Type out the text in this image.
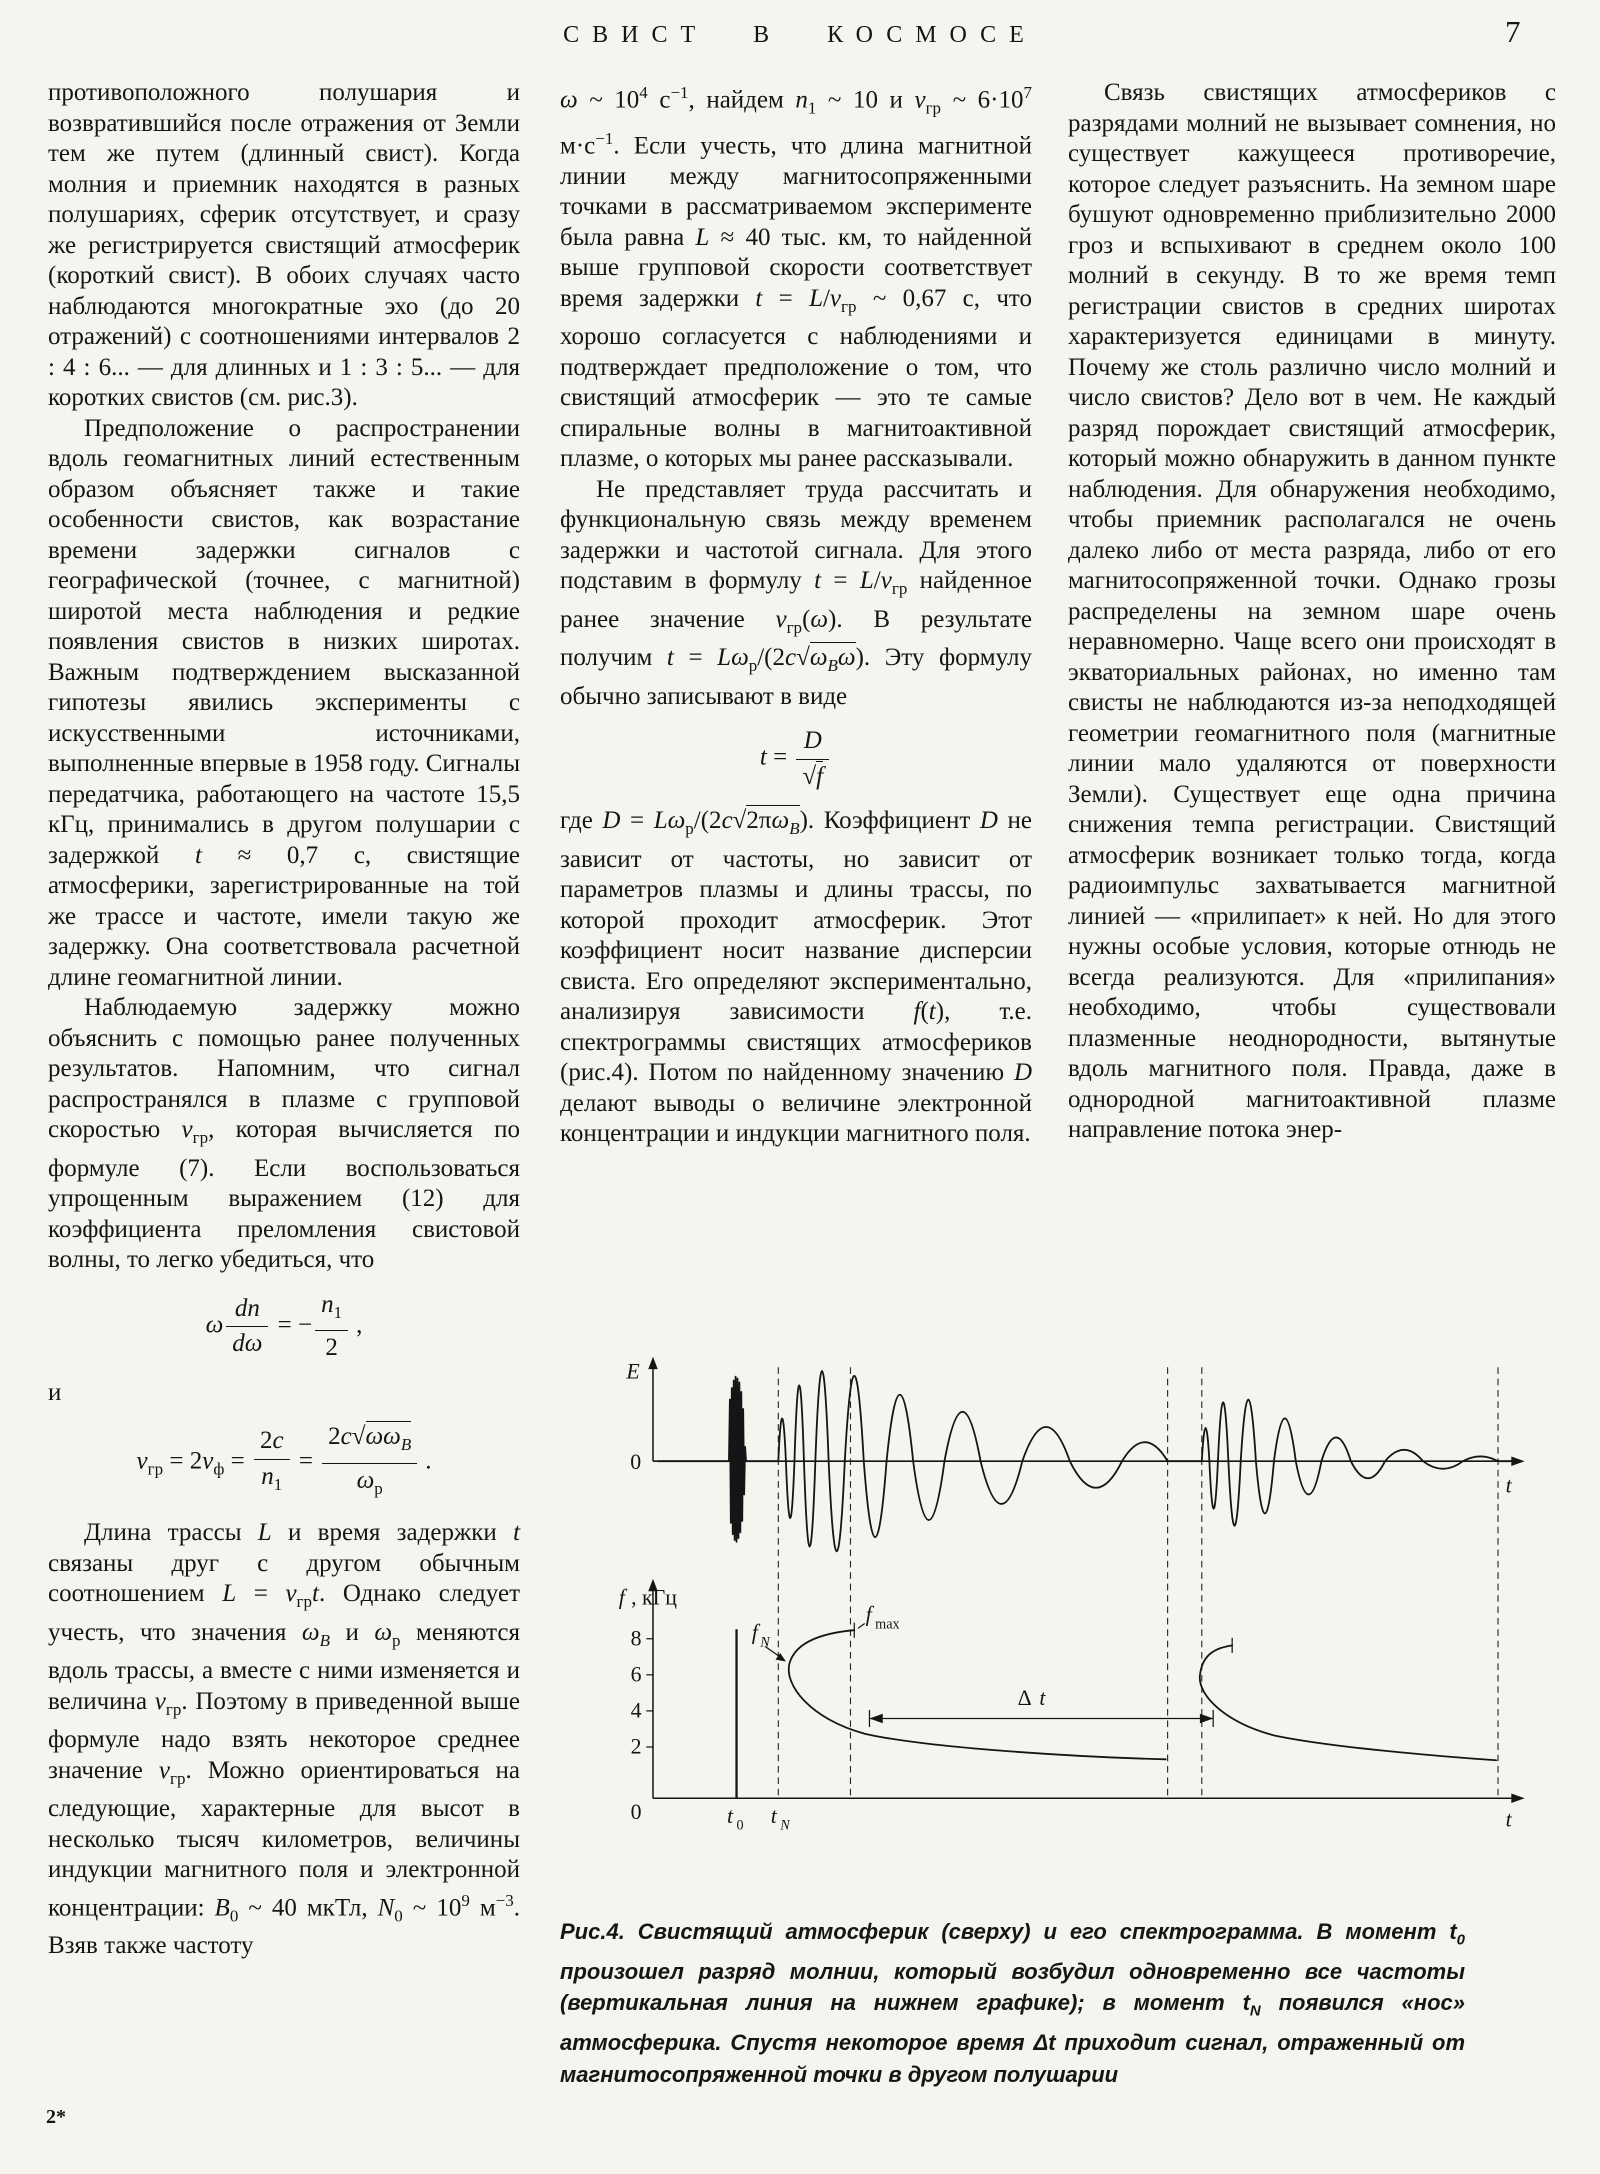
СВИСТ В КОСМОСЕ	7

противоположного полушария и возвратившийся после отражения от Земли тем же путем (длинный свист). Когда молния и приемник находятся в разных полушариях, сферик отсутствует, и сразу же регистрируется свистящий атмосферик (короткий свист). В обоих случаях часто наблюдаются многократные эхо (до 20 отражений) с соотношениями интервалов 2 : 4 : 6... — для длинных и 1 : 3 : 5... — для коротких свистов (см. рис.3).

Предположение о распространении вдоль геомагнитных линий естественным образом объясняет также и такие особенности свистов, как возрастание времени задержки сигналов с географической (точнее, с магнитной) широтой места наблюдения и редкие появления свистов в низких широтах. Важным подтверждением высказанной гипотезы явились эксперименты с искусственными источниками, выполненные впервые в 1958 году. Сигналы передатчика, работающего на частоте 15,5 кГц, принимались в другом полушарии с задержкой t ≈ 0,7 с, свистящие атмосферики, зарегистрированные на той же трассе и частоте, имели такую же задержку. Она соответствовала расчетной длине геомагнитной линии.

Наблюдаемую задержку можно объяснить с помощью ранее полученных результатов. Напомним, что сигнал распространялся в плазме с групповой скоростью $v_{гр}$, которая вычисляется по формуле (7). Если воспользоваться упрощенным выражением (12) для коэффициента преломления свистовой волны, то легко убедиться, что

ω $\frac{dn}{d\omega}$ = − $\frac{n_1}{2}$  ,
и
$v_{гр} = 2v_ф = \frac{2c}{n_1} = \frac{2c√\omega\omega_B}{\omega_p}$  .

Длина трассы L и время задержки t связаны друг с другом обычным соотношением $L = v_{гр}t$. Однако следует учесть, что значения $\omega_B$ и $\omega_p$ меняются вдоль трассы, а вместе с ними изменяется и величина $v_{гр}$. Поэтому в приведенной выше формуле надо взять некоторое среднее значение $v_{гр}$. Можно ориентироваться на следующие, характерные для высот в несколько тысяч километров, величины индукции магнитного поля и электронной концентрации: $B_0$ ~ 40 мкТл, $N_0$ ~ $10^9$ $м^{-3}$. Взяв также частоту

ω ~ $10^4$ $с^{-1}$, найдем $n_1$ ~ 10 и $v_{гр}$ ~ $6\cdot 10^7$ $м\cdot с^{-1}$. Если учесть, что длина магнитной линии между магнитосопряженными точками в рассматриваемом эксперименте была равна L ≈ 40 тыс. км, то найденной выше групповой скорости соответствует время задержки $t = L/v_{гр}$ ~ 0,67 с, что хорошо согласуется с наблюдениями и подтверждает предположение о том, что свистящий атмосферик — это те самые спиральные волны в магнитоактивной плазме, о которых мы ранее рассказывали.

Не представляет труда рассчитать и функциональную связь между временем задержки и частотой сигнала. Для этого подставим в формулу $t = L/v_{гр}$ найденное ранее значение $v_{гр}(\omega)$. В результате получим $t = L\omega_p/(2c√\omega_B\omega)$. Эту формулу обычно записывают в виде

$t = \frac{D}{√f}$

где $D = L\omega_p/(2c√2\pi\omega_B)$. Коэффициент D не зависит от частоты, но зависит от параметров плазмы и длины трассы, по которой проходит атмосферик. Этот коэффициент носит название дисперсии свиста. Его определяют экспериментально, анализируя зависимости f(t), т.е. спектрограммы свистящих атмосфериков (рис.4). Потом по найденному значению D делают выводы о величине электронной концентрации и индукции магнитного поля.

Связь свистящих атмосфериков с разрядами молний не вызывает сомнения, но существует кажущееся противоречие, которое следует разъяснить. На земном шаре бушуют одновременно приблизительно 2000 гроз и вспыхивают в среднем около 100 молний в секунду. В то же время темп регистрации свистов в средних широтах характеризуется единицами в минуту. Почему же столь различно число молний и число свистов? Дело вот в чем. Не каждый разряд порождает свистящий атмосферик, который можно обнаружить в данном пункте наблюдения. Для обнаружения необходимо, чтобы приемник располагался не очень далеко либо от места разряда, либо от его магнитосопряженной точки. Однако грозы распределены на земном шаре очень неравномерно. Чаще всего они происходят в экваториальных районах, но именно там свисты не наблюдаются из-за неподходящей геометрии геомагнитного поля (магнитные линии мало удаляются от поверхности Земли). Существует еще одна причина снижения темпа регистрации. Свистящий атмосферик возникает только тогда, когда радиоимпульс захватывается магнитной линией — «прилипает» к ней. Но для этого нужны особые условия, которые отнюдь не всегда реализуются. Для «прилипания» необходимо, чтобы существовали плазменные неоднородности, вытянутые вдоль магнитного поля. Правда, даже в однородной магнитоактивной плазме направление потока энер-

E
0
t
f , кГц
8
6
4
2
0	t 0 t N	t
f N
f max
Δ t
Рис.4. Свистящий атмосферик (сверху) и его спектрограмма. В момент $t_0$ произошел разряд молнии, который возбудил одновременно все частоты (вертикальная линия на нижнем графике); в момент $t_N$ появился «нос» атмосферика. Спустя некоторое время Δt приходит сигнал, отраженный от магнитосопряженной точки в другом полушарии
2*
